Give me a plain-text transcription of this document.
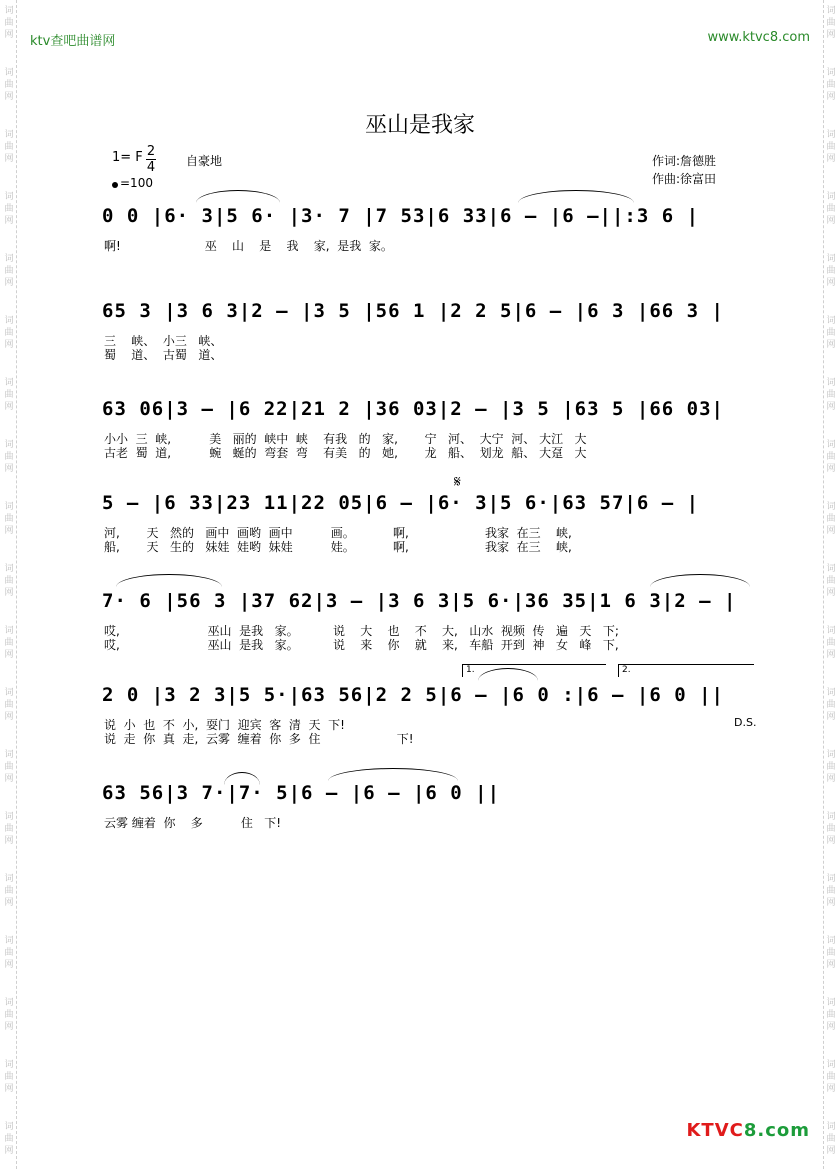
词
曲
网
词
曲
网
词
曲
网
词
曲
网
词
曲
网
词
曲
网
词
曲
网
词
曲
网
词
曲
网
词
曲
网
词
曲
网
词
曲
网
词
曲
网
词
曲
网
词
曲
网
词
曲
网
词
曲
网
词
曲
网
词
曲
网
词
曲
网
词
曲
网
词
曲
网
词
曲
网
词
曲
网
词
曲
网
词
曲
网
词
曲
网
词
曲
网
词
曲
网
词
曲
网
词
曲
网
词
曲
网
词
曲
网
词
曲
网
词
曲
网
词
曲
网
词
曲
网
词
曲
网
ktv查吧曲谱网	www.ktvc8.com
巫山是我家
1= F 2
4
=100
自豪地	作词:詹德胜
作曲:徐富田
0 0 |6· 3|5 6· |3· 7 |7 53|6 33|6 – |6 –||:3 6 |
啊!                      巫    山    是    我    家,  是我  家。
65 3 |3 6 3|2 – |3 5 |56 1 |2 2 5|6 – |6 3 |66 3 |
三    峡、  小三   峡、
蜀    道、  古蜀   道、
63 06|3 – |6 22|21 2 |36 03|2 – |3 5 |63 5 |66 03|
小小  三  峡,          美   丽的  峡中  峡    有我   的   家,       宁   河、  大宁  河、 大江   大
古老  蜀  道,          蜿   蜒的  弯套  弯    有美   的   她,       龙   船、  划龙  船、 大趸   大
5 – |6 33|23 11|22 05|6 – |6· 3|5 6·|63 57|6 – |
河,       天   然的   画中  画哟  画中          画。          啊,                    我家  在三    峡,
船,       天   生的   妹娃  娃哟  妹娃          娃。          啊,                    我家  在三    峡,
7· 6 |56 3 |37 62|3 – |3 6 3|5 6·|36 35|1 6 3|2 – |
哎,                       巫山  是我   家。         说    大    也    不    大,   山水  视频  传   遍   天   下;
哎,                       巫山  是我   家。         说    来    你    就    来,   车船  开到  神   女   峰   下,
2 0 |3 2 3|5 5·|63 56|2 2 5|6 – |6 0 :|6 – |6 0 ||
说  小  也  不  小,  耍门  迎宾  客  清  天  下!
说  走  你  真  走,  云雾  缠着  你  多  住                    下!
63 56|3 7·|7· 5|6 – |6 – |6 0 ||
云雾 缠着  你    多          住   下!
𝄋
1.	2.
D.S.
KTVC8.com
